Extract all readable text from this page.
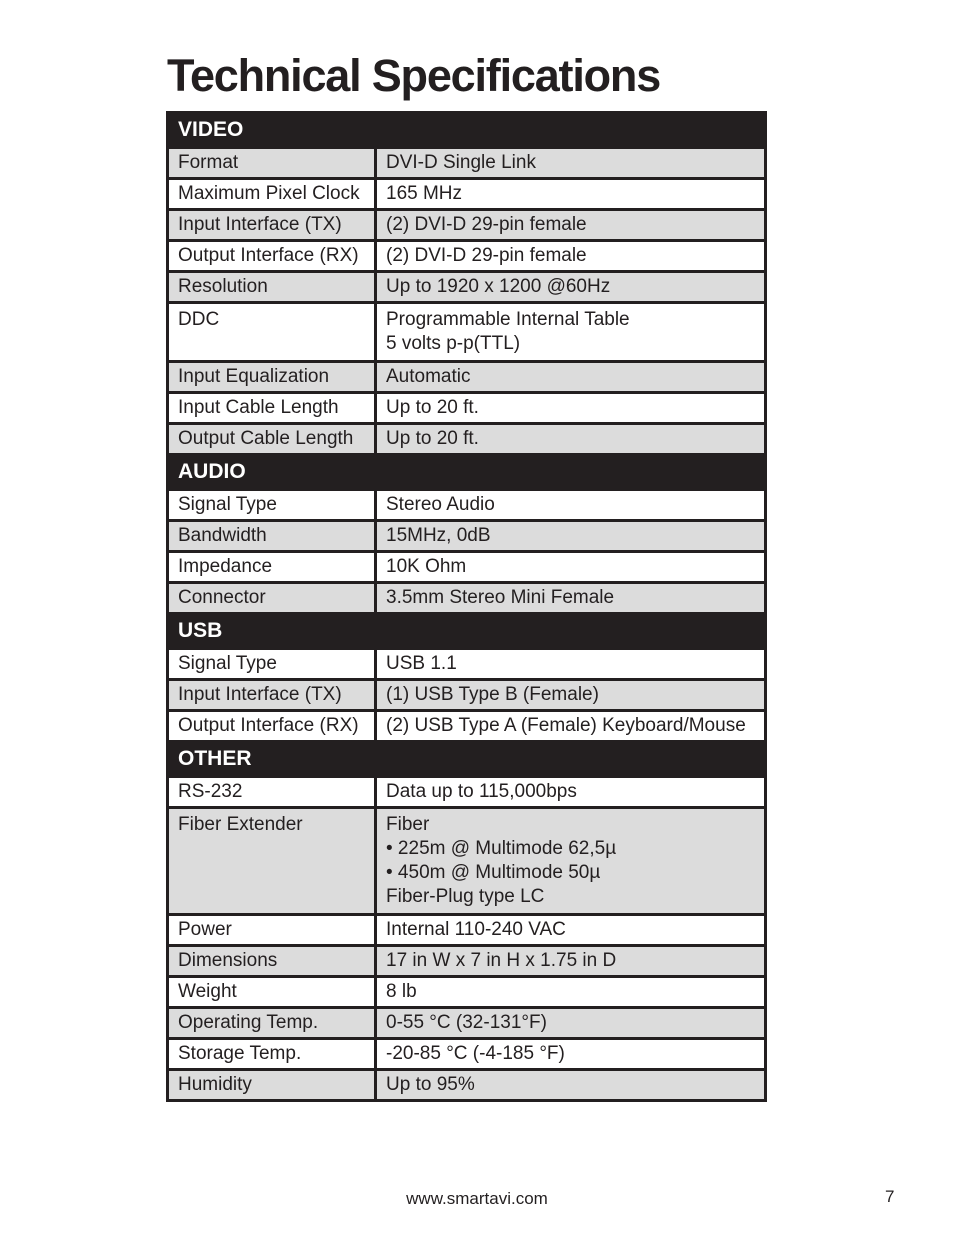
Technical Specifications
VIDEO	
Format	DVI-D Single Link
Maximum Pixel Clock	165 MHz
Input Interface (TX)	(2) DVI-D 29-pin female
Output Interface (RX)	(2) DVI-D 29-pin female
Resolution	Up to 1920 x 1200 @60Hz
DDC	Programmable Internal Table
5 volts p-p(TTL)

Input Equalization	Automatic
Input Cable Length	Up to 20 ft.
Output Cable Length	Up to 20 ft.
AUDIO	
Signal Type	Stereo Audio
Bandwidth	15MHz, 0dB
Impedance	10K Ohm
Connector	3.5mm Stereo Mini Female
USB	
Signal Type	USB 1.1
Input Interface (TX)	(1) USB Type B (Female)
Output Interface (RX)	(2) USB Type A (Female) Keyboard/Mouse
OTHER	
RS-232	Data up to 115,000bps
Fiber Extender	Fiber
• 225m @ Multimode 62,5µ
• 450m @ Multimode 50µ
Fiber-Plug type LC

Power	Internal 110-240 VAC
Dimensions	17 in W x 7 in H x 1.75 in D
Weight	8 lb
Operating Temp.	0-55 °C (32-131°F)
Storage Temp.	-20-85 °C (-4-185 °F)
Humidity	Up to 95%
www.smartavi.com	7
